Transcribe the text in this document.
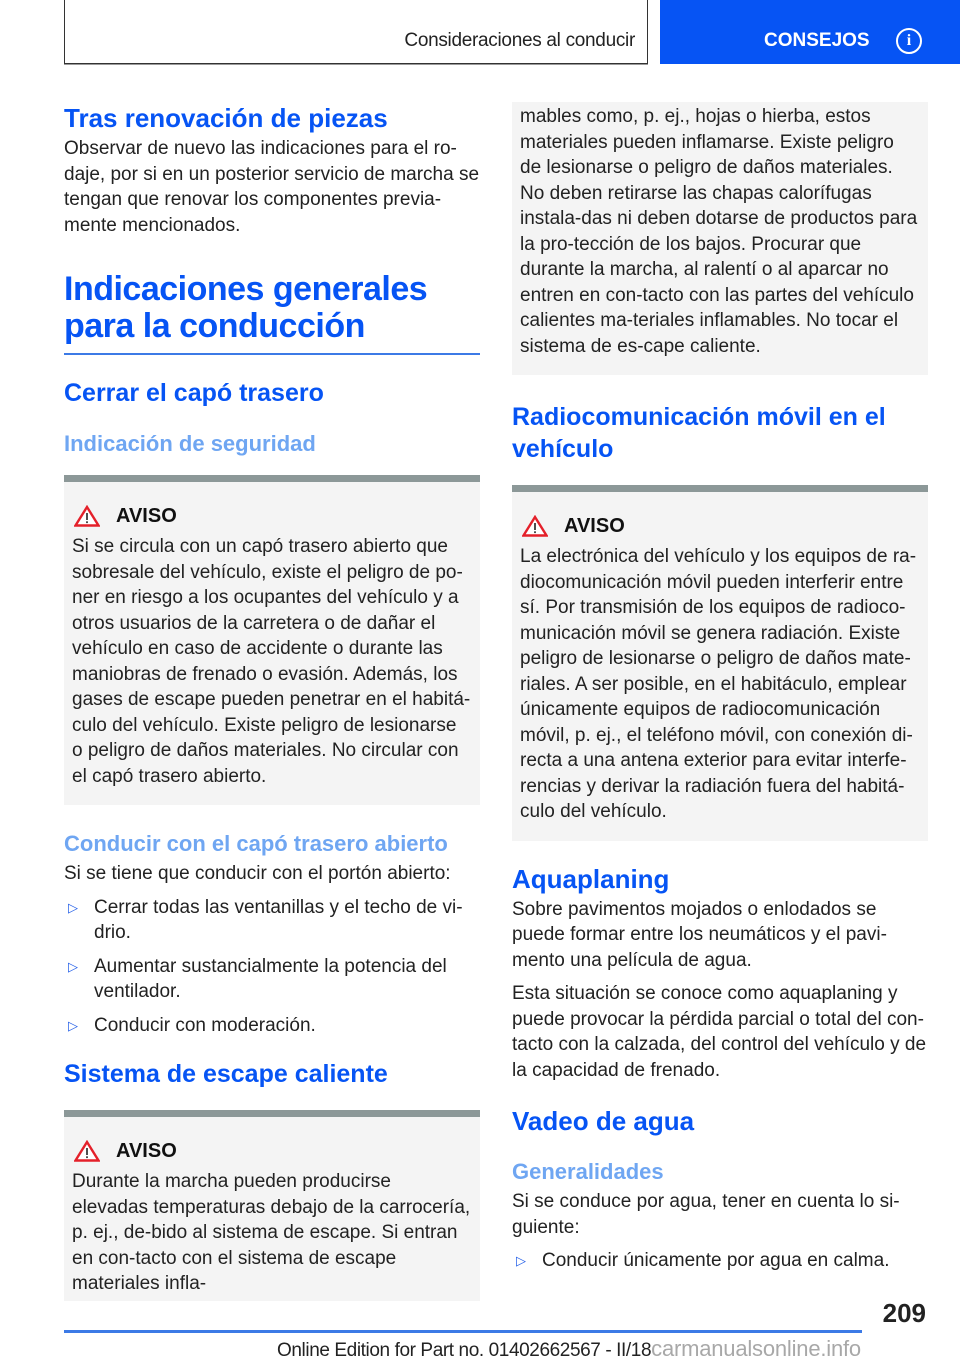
Consideraciones al conducir	CONSEJOS	i
Tras renovación de piezas

Observar de nuevo las indicaciones para el ro-daje, por si en un posterior servicio de marcha se tengan que renovar los componentes previa-mente mencionados.

Indicaciones generales
para la conducción
Cerrar el capó trasero
Indicación de seguridad
AVISO

Si se circula con un capó trasero abierto que sobresale del vehículo, existe el peligro de po-ner en riesgo a los ocupantes del vehículo y a otros usuarios de la carretera o de dañar el vehículo en caso de accidente o durante las maniobras de frenado o evasión. Además, los gases de escape pueden penetrar en el habitá-culo del vehículo. Existe peligro de lesionarse o peligro de daños materiales. No circular con el capó trasero abierto.

Conducir con el capó trasero abierto

Si se tiene que conducir con el portón abierto:

▷ Cerrar todas las ventanillas y el techo de vi-drio.
▷ Aumentar sustancialmente la potencia del ventilador.
▷ Conducir con moderación.
Sistema de escape caliente
AVISO

Durante la marcha pueden producirse elevadas temperaturas debajo de la carrocería, p. ej., de-bido al sistema de escape. Si entran en con-tacto con el sistema de escape materiales infla-

mables como, p. ej., hojas o hierba, estos materiales pueden inflamarse. Existe peligro de lesionarse o peligro de daños materiales. No deben retirarse las chapas calorífugas instala-das ni deben dotarse de productos para la pro-tección de los bajos. Procurar que durante la marcha, al ralentí o al aparcar no entren en con-tacto con las partes del vehículo calientes ma-teriales inflamables. No tocar el sistema de es-cape caliente.

Radiocomunicación móvil en el vehículo
AVISO

La electrónica del vehículo y los equipos de ra-diocomunicación móvil pueden interferir entre sí. Por transmisión de los equipos de radioco-municación móvil se genera radiación. Existe peligro de lesionarse o peligro de daños mate-riales. A ser posible, en el habitáculo, emplear únicamente equipos de radiocomunicación móvil, p. ej., el teléfono móvil, con conexión di-recta a una antena exterior para evitar interfe-rencias y derivar la radiación fuera del habitá-culo del vehículo.

Aquaplaning

Sobre pavimentos mojados o enlodados se puede formar entre los neumáticos y el pavi-mento una película de agua.

Esta situación se conoce como aquaplaning y puede provocar la pérdida parcial o total del con-tacto con la calzada, del control del vehículo y de la capacidad de frenado.

Vadeo de agua
Generalidades

Si se conduce por agua, tener en cuenta lo si-guiente:

▷ Conducir únicamente por agua en calma.
209
Online Edition for Part no. 01402662567 - II/18carmanualsonline.info
